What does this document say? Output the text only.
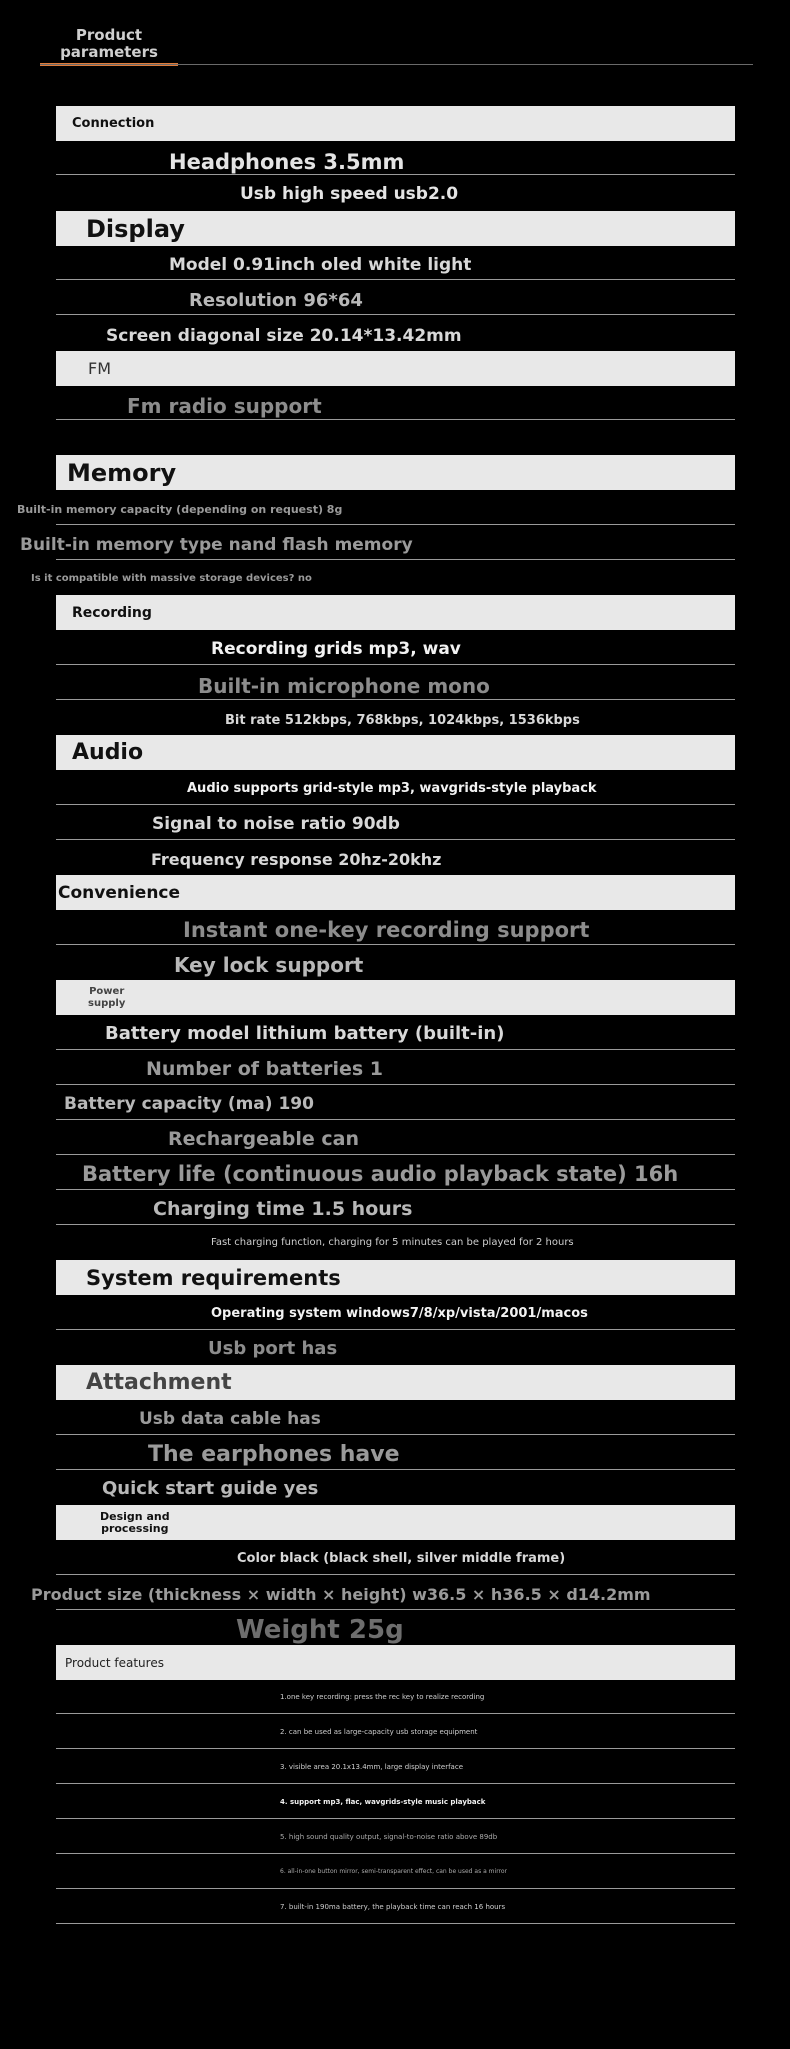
Product
parameters
Connection
Headphones 3.5mm
Usb high speed usb2.0
Display
Model 0.91inch oled white light
Resolution 96*64
Screen diagonal size 20.14*13.42mm
FM
Fm radio support
Memory
Built-in memory capacity (depending on request) 8g
Built-in memory type nand flash memory
Is it compatible with massive storage devices? no
Recording
Recording grids mp3, wav
Built-in microphone mono
Bit rate 512kbps, 768kbps, 1024kbps, 1536kbps
Audio
Audio supports grid-style mp3, wavgrids-style playback
Signal to noise ratio 90db
Frequency response 20hz-20khz
Convenience
Instant one-key recording support
Key lock support
Power
supply
Battery model lithium battery (built-in)
Number of batteries 1
Battery capacity (ma) 190
Rechargeable can
Battery life (continuous audio playback state) 16h
Charging time 1.5 hours
Fast charging function, charging for 5 minutes can be played for 2 hours
System requirements
Operating system windows7/8/xp/vista/2001/macos
Usb port has
Attachment
Usb data cable has
The earphones have
Quick start guide yes
Design and
processing
Color black (black shell, silver middle frame)
Product size (thickness × width × height) w36.5 × h36.5 × d14.2mm
Weight 25g
Product features
1.one key recording: press the rec key to realize recording
2. can be used as large-capacity usb storage equipment
3. visible area 20.1x13.4mm, large display interface
4. support mp3, flac, wavgrids-style music playback
5. high sound quality output, signal-to-noise ratio above 89db
6. all-in-one button mirror, semi-transparent effect, can be used as a mirror
7. built-in 190ma battery, the playback time can reach 16 hours
